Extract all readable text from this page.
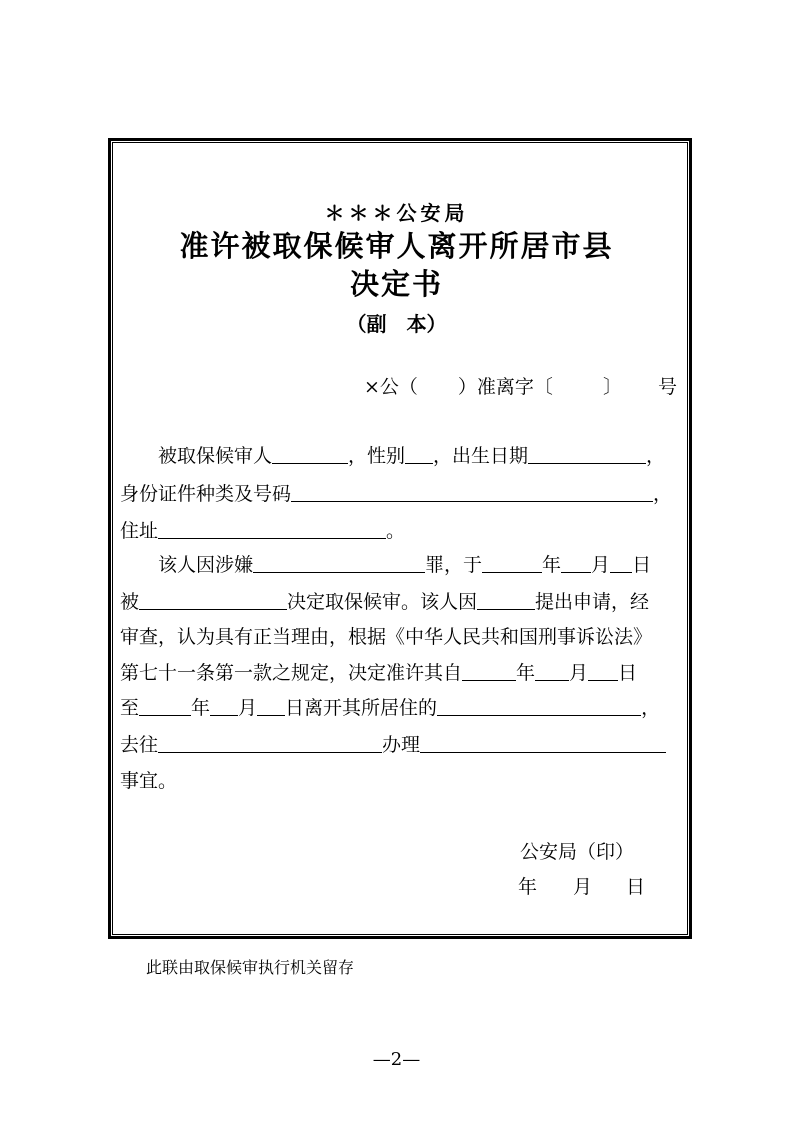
＊＊＊公安局
准许被取保候审人离开所居市县
决定书
（副　本）
×公（ ）准离字〔	〕 号
被取保候审人	，性别 ，出生日期	，
身份证件种类及号码	，
住址	。
该人因涉嫌	罪，于	年 月 日
被	决定取保候审。该人因	提出申请，经
审查，认为具有正当理由，根据《中华人民共和国刑事诉讼法》
第七十一条第一款之规定，决定准许其自	年 月 日
至	年 月 日离开其所居住的	，
去往	办理
事宜。
公安局（印）
年 月 日
此联由取保候审执行机关留存
—2—
